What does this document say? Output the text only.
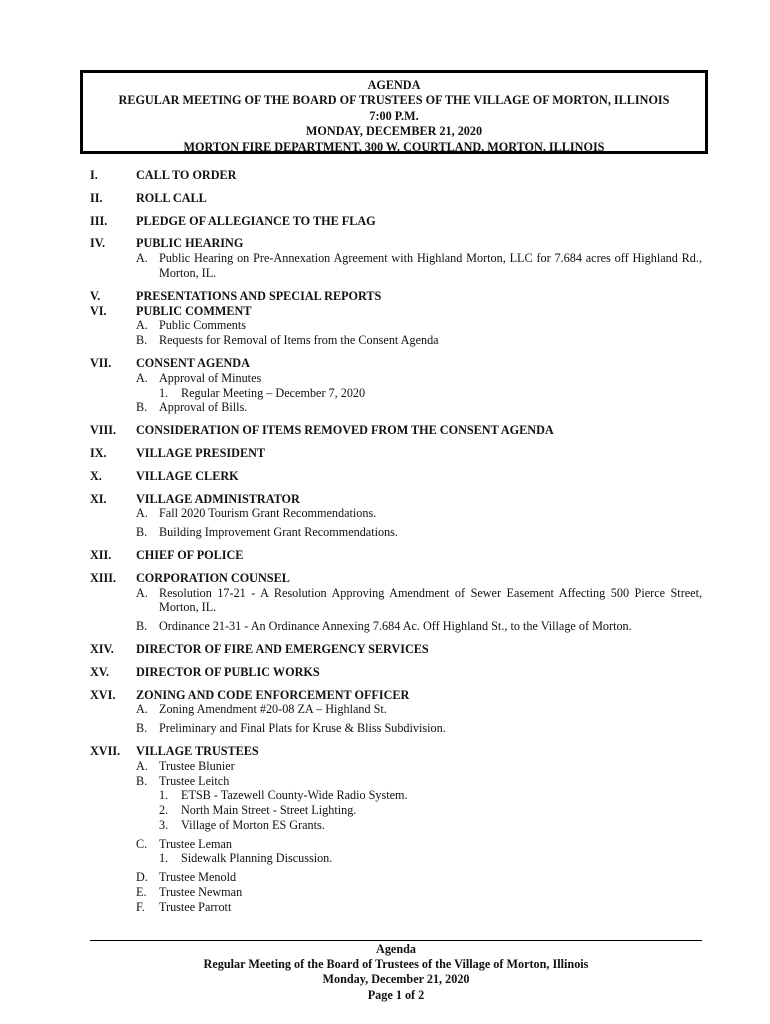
AGENDA
REGULAR MEETING OF THE BOARD OF TRUSTEES OF THE VILLAGE OF MORTON, ILLINOIS
7:00 P.M.
MONDAY, DECEMBER 21, 2020
MORTON FIRE DEPARTMENT, 300 W. COURTLAND, MORTON, ILLINOIS
I.	CALL TO ORDER
II.	ROLL CALL
III. PLEDGE OF ALLEGIANCE TO THE FLAG
IV.	PUBLIC HEARING
A. Public Hearing on Pre-Annexation Agreement with Highland Morton, LLC for 7.684 acres off Highland Rd., Morton, IL.
V.	PRESENTATIONS AND SPECIAL REPORTS
VI. PUBLIC COMMENT
A. Public Comments
B. Requests for Removal of Items from the Consent Agenda
VII. CONSENT AGENDA
A. Approval of Minutes
1. Regular Meeting – December 7, 2020
B. Approval of Bills.
VIII. CONSIDERATION OF ITEMS REMOVED FROM THE CONSENT AGENDA
IX. VILLAGE PRESIDENT
X.	VILLAGE CLERK
XI. VILLAGE ADMINISTRATOR
A. Fall 2020 Tourism Grant Recommendations.
B. Building Improvement Grant Recommendations.
XII. CHIEF OF POLICE
XIII. CORPORATION COUNSEL
A. Resolution 17-21 - A Resolution Approving Amendment of Sewer Easement Affecting 500 Pierce Street, Morton, IL.
B. Ordinance 21-31 - An Ordinance Annexing 7.684 Ac. Off Highland St., to the Village of Morton.
XIV. DIRECTOR OF FIRE AND EMERGENCY SERVICES
XV. DIRECTOR OF PUBLIC WORKS
XVI. ZONING AND CODE ENFORCEMENT OFFICER
A. Zoning Amendment #20-08 ZA – Highland St.
B. Preliminary and Final Plats for Kruse & Bliss Subdivision.
XVII. VILLAGE TRUSTEES
A. Trustee Blunier
B. Trustee Leitch
1. ETSB - Tazewell County-Wide Radio System.
2. North Main Street - Street Lighting.
3. Village of Morton ES Grants.
C. Trustee Leman
1. Sidewalk Planning Discussion.
D. Trustee Menold
E. Trustee Newman
F. Trustee Parrott
Agenda
Regular Meeting of the Board of Trustees of the Village of Morton, Illinois
Monday, December 21, 2020
Page 1 of 2
